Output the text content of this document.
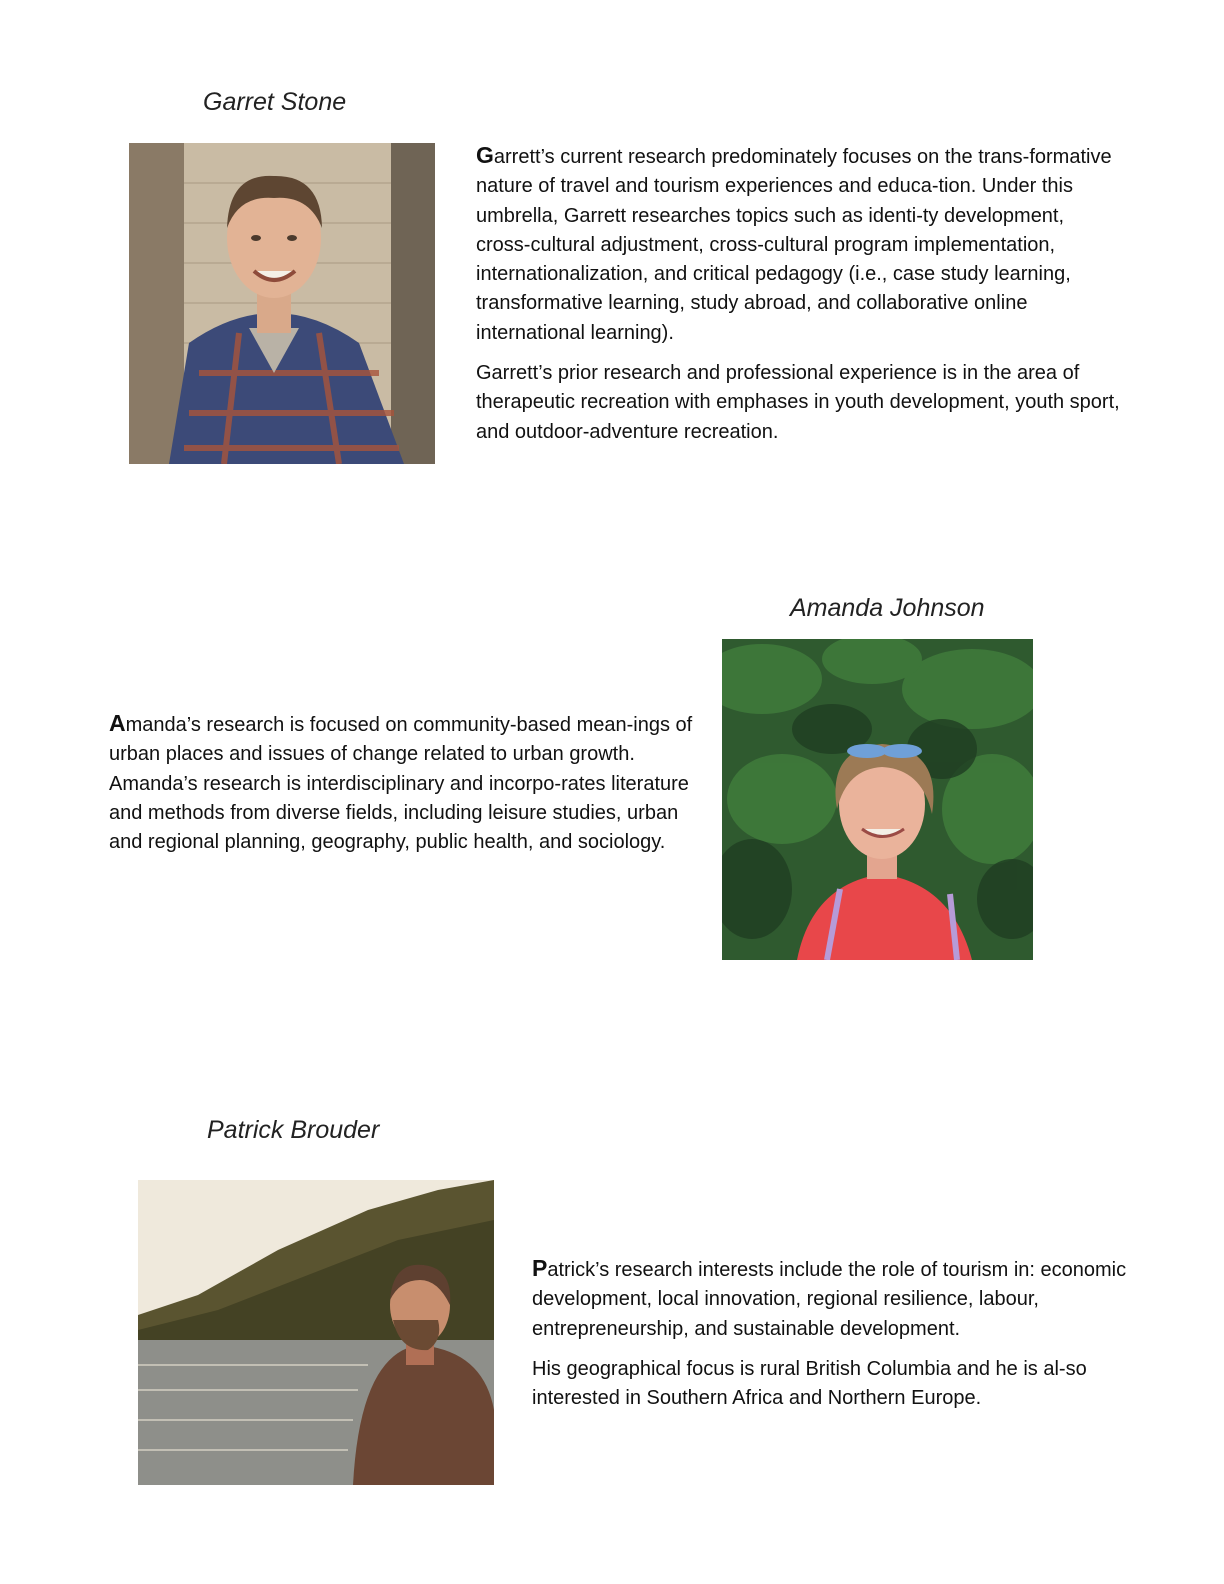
Garret Stone

Garrett’s current research predominately focuses on the trans-formative nature of travel and tourism experiences and educa-tion. Under this umbrella, Garrett researches topics such as identi-ty development, cross-cultural adjustment, cross-cultural program implementation, internationalization, and critical pedagogy (i.e., case study learning, transformative learning, study abroad, and collaborative online international learning).

Garrett’s prior research and professional experience is in the area of therapeutic recreation with emphases in youth development, youth sport, and outdoor-adventure recreation.

Amanda Johnson

Amanda’s research is focused on community-based mean-ings of urban places and issues of change related to urban growth. Amanda’s research is interdisciplinary and incorpo-rates literature and methods from diverse fields, including leisure studies, urban and regional planning, geography, public health, and sociology.

Patrick Brouder

Patrick’s research interests include the role of tourism in: economic development, local innovation, regional resilience, labour, entrepreneurship, and sustainable development.

His geographical focus is rural British Columbia and he is al-so interested in Southern Africa and Northern Europe.
